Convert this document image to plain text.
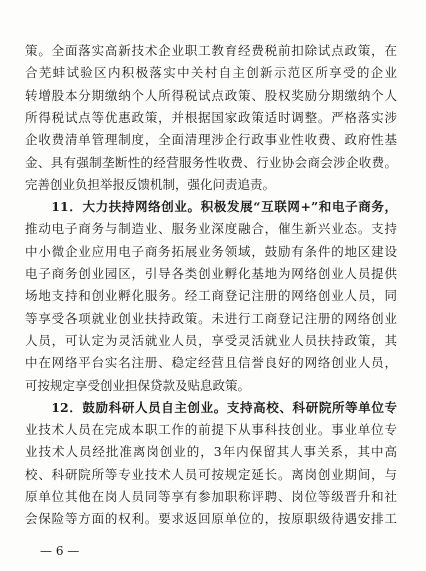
策。全面落实高新技术企业职工教育经费税前扣除试点政策，在
合芜蚌试验区内积极落实中关村自主创新示范区所享受的企业
转增股本分期缴纳个人所得税试点政策、股权奖励分期缴纳个人
所得税试点等优惠政策，并根据国家政策适时调整。严格落实涉
企收费清单管理制度，全面清理涉企行政事业性收费、政府性基
金、具有强制垄断性的经营服务性收费、行业协会商会涉企收费。
完善创业负担举报反馈机制，强化问责追责。
　　11．大力扶持网络创业。积极发展“互联网+”和电子商务，
推动电子商务与制造业、服务业深度融合，催生新兴业态。支持
中小微企业应用电子商务拓展业务领域，鼓励有条件的地区建设
电子商务创业园区，引导各类创业孵化基地为网络创业人员提供
场地支持和创业孵化服务。经工商登记注册的网络创业人员，同
等享受各项就业创业扶持政策。未进行工商登记注册的网络创业
人员，可认定为灵活就业人员，享受灵活就业人员扶持政策，其
中在网络平台实名注册、稳定经营且信誉良好的网络创业人员，
可按规定享受创业担保贷款及贴息政策。
　　12．鼓励科研人员自主创业。支持高校、科研院所等单位专
业技术人员在完成本职工作的前提下从事科技创业。事业单位专
业技术人员经批准离岗创业的，3年内保留其人事关系，其中高
校、科研院所等专业技术人员可按规定延长。离岗创业期间，与
原单位其他在岗人员同等享有参加职称评聘、岗位等级晋升和社
会保险等方面的权利。要求返回原单位的，按原职级待遇安排工
— 6 —
